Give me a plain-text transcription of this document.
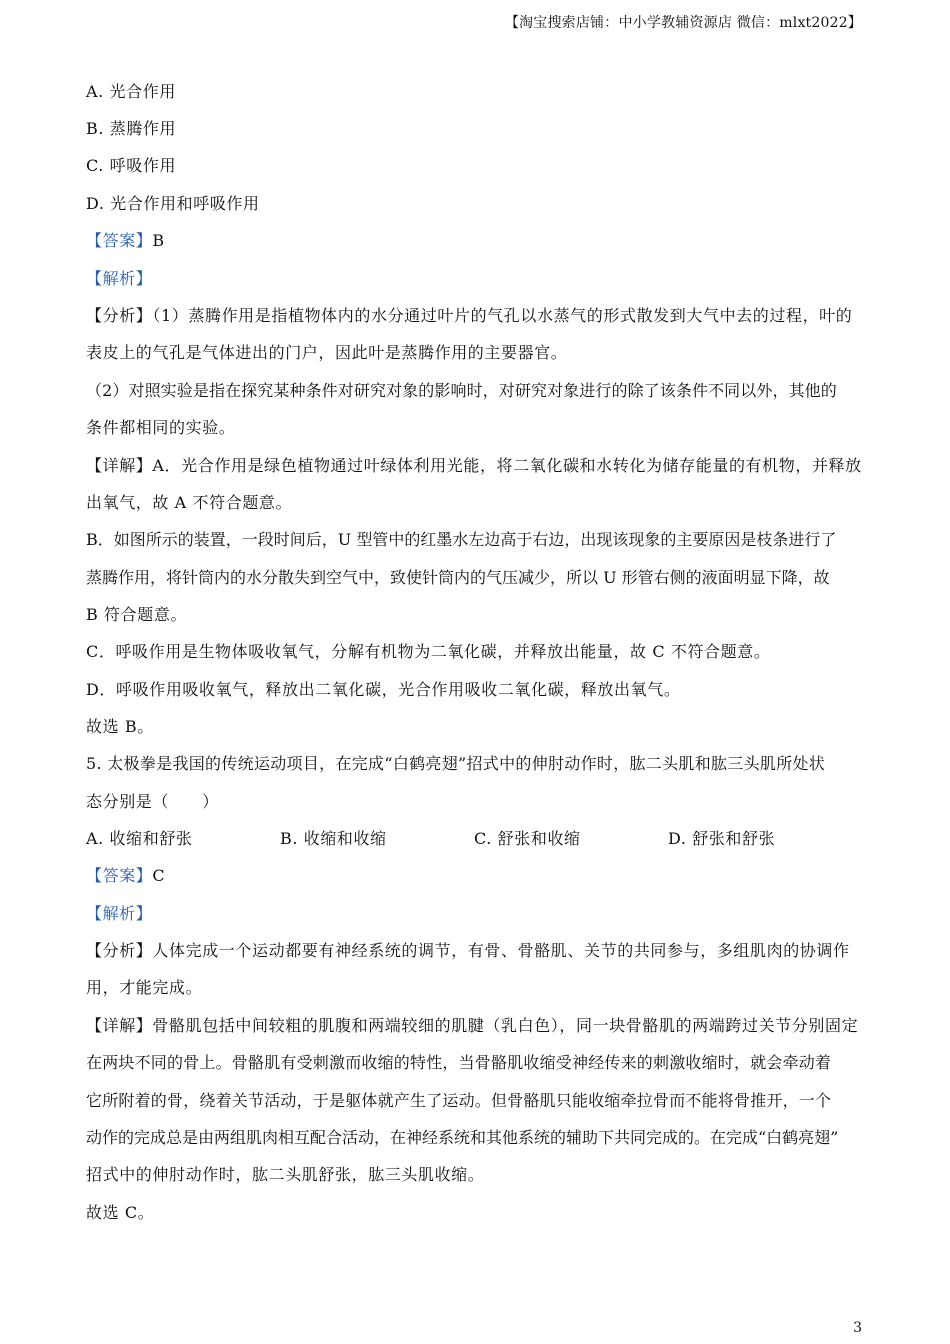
【淘宝搜索店铺：中小学教辅资源店 微信：mlxt2022】
A. 光合作用
B. 蒸腾作用
C. 呼吸作用
D. 光合作用和呼吸作用
【答案】B
【解析】
【分析】（1）蒸腾作用是指植物体内的水分通过叶片的气孔以水蒸气的形式散发到大气中去的过程，叶的
表皮上的气孔是气体进出的门户，因此叶是蒸腾作用的主要器官。
（2）对照实验是指在探究某种条件对研究对象的影响时，对研究对象进行的除了该条件不同以外，其他的
条件都相同的实验。
【详解】A．光合作用是绿色植物通过叶绿体利用光能，将二氧化碳和水转化为储存能量的有机物，并释放
出氧气，故 A 不符合题意。
B．如图所示的装置，一段时间后，U 型管中的红墨水左边高于右边，出现该现象的主要原因是枝条进行了
蒸腾作用，将针筒内的水分散失到空气中，致使针筒内的气压减少，所以 U 形管右侧的液面明显下降，故
B 符合题意。
C．呼吸作用是生物体吸收氧气，分解有机物为二氧化碳，并释放出能量，故 C 不符合题意。
D．呼吸作用吸收氧气，释放出二氧化碳，光合作用吸收二氧化碳，释放出氧气。
故选 B。
5. 太极拳是我国的传统运动项目，在完成“白鹤亮翅”招式中的伸肘动作时，肱二头肌和肱三头肌所处状
态分别是（　　）
A. 收缩和舒张	B. 收缩和收缩	C. 舒张和收缩	D. 舒张和舒张
【答案】C
【解析】
【分析】人体完成一个运动都要有神经系统的调节，有骨、骨骼肌、关节的共同参与，多组肌肉的协调作
用，才能完成。
【详解】骨骼肌包括中间较粗的肌腹和两端较细的肌腱（乳白色），同一块骨骼肌的两端跨过关节分别固定
在两块不同的骨上。骨骼肌有受刺激而收缩的特性，当骨骼肌收缩受神经传来的刺激收缩时，就会牵动着
它所附着的骨，绕着关节活动，于是躯体就产生了运动。但骨骼肌只能收缩牵拉骨而不能将骨推开，一个
动作的完成总是由两组肌肉相互配合活动，在神经系统和其他系统的辅助下共同完成的。在完成“白鹤亮翅”
招式中的伸肘动作时，肱二头肌舒张，肱三头肌收缩。
故选 C。
3
